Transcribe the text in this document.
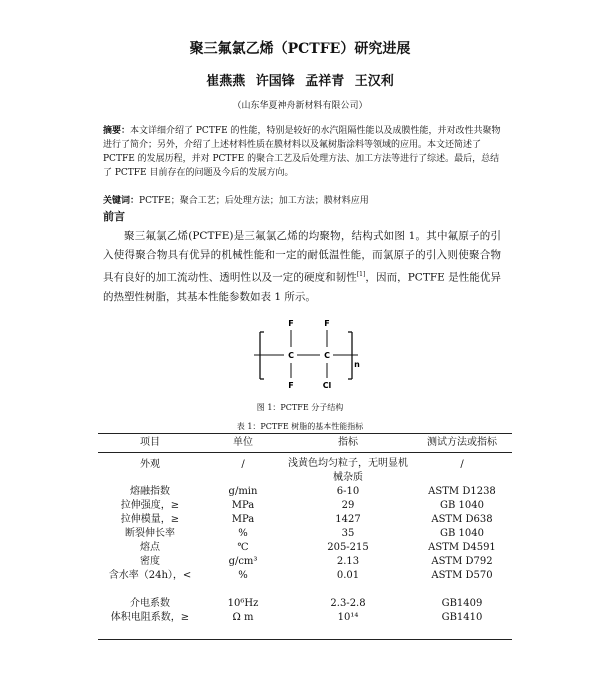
聚三氟氯乙烯（PCTFE）研究进展
崔燕燕 许国锋 孟祥青 王汉利
（山东华夏神舟新材料有限公司）
摘要：本文详细介绍了 PCTFE 的性能，特别是较好的水汽阻隔性能以及成膜性能，并对改性共聚物进行了简介；另外，介绍了上述材料性质在膜材料以及氟树脂涂料等领域的应用。本文还简述了 PCTFE 的发展历程，并对 PCTFE 的聚合工艺及后处理方法、加工方法等进行了综述。最后，总结了 PCTFE 目前存在的问题及今后的发展方向。
关键词：PCTFE；聚合工艺；后处理方法；加工方法；膜材料应用
前言
聚三氟氯乙烯(PCTFE)是三氟氯乙烯的均聚物，结构式如图 1。其中氟原子的引入使得聚合物具有优异的机械性能和一定的耐低温性能，而氯原子的引入则使聚合物具有良好的加工流动性、透明性以及一定的硬度和韧性[1]，因而，PCTFE 是性能优异的热塑性树脂，其基本性能参数如表 1 所示。
F	F
C	C
F	Cl
n
图 1：PCTFE 分子结构
表 1：PCTFE 树脂的基本性能指标
项目	单位	指标	测试方法或指标
外观	/	浅黄色均匀粒子，无明显机械杂质	/
熔融指数	g/min	6-10	ASTM D1238
拉伸强度，≥	MPa	29	GB 1040
拉伸模量，≥	MPa	1427	ASTM D638
断裂伸长率	%	35	GB 1040
熔点	℃	205-215	ASTM D4591
密度	g/cm³	2.13	ASTM D792
含水率（24h），<	%	0.01	ASTM D570
介电系数	10⁶Hz	2.3-2.8	GB1409
体积电阻系数，≥	Ω m	10¹⁴	GB1410
